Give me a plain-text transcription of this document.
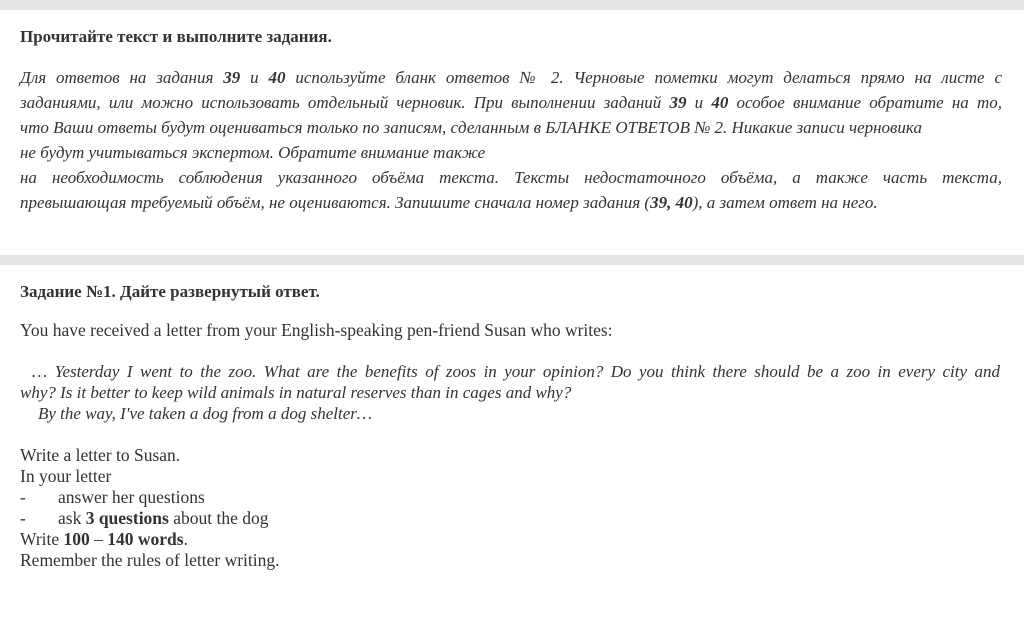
Прочитайте текст и выполните задания.
Для ответов на задания 39 и 40 используйте бланк ответов № 2. Черновые пометки могут делаться прямо на листе с
заданиями, или можно использовать отдельный черновик. При выполнении заданий 39 и 40 особое внимание обратите на то,
что Ваши ответы будут оцениваться только по записям, сделанным в БЛАНКЕ ОТВЕТОВ № 2. Никакие записи черновика
не будут учитываться экспертом. Обратите внимание также
на необходимость соблюдения указанного объёма текста. Тексты недостаточного объёма, а также часть текста,
превышающая требуемый объём, не оцениваются. Запишите сначала номер задания (39, 40), а затем ответ на него.
Задание №1. Дайте развернутый ответ.
You have received a letter from your English-speaking pen-friend Susan who writes:
… Yesterday I went to the zoo. What are the benefits of zoos in your opinion? Do you think there should be a zoo in every city and
why? Is it better to keep wild animals in natural reserves than in cages and why?
By the way, I've taken a dog from a dog shelter…
Write a letter to Susan.
In your letter
- answer her questions
- ask 3 questions about the dog
Write 100 – 140 words.
Remember the rules of letter writing.
